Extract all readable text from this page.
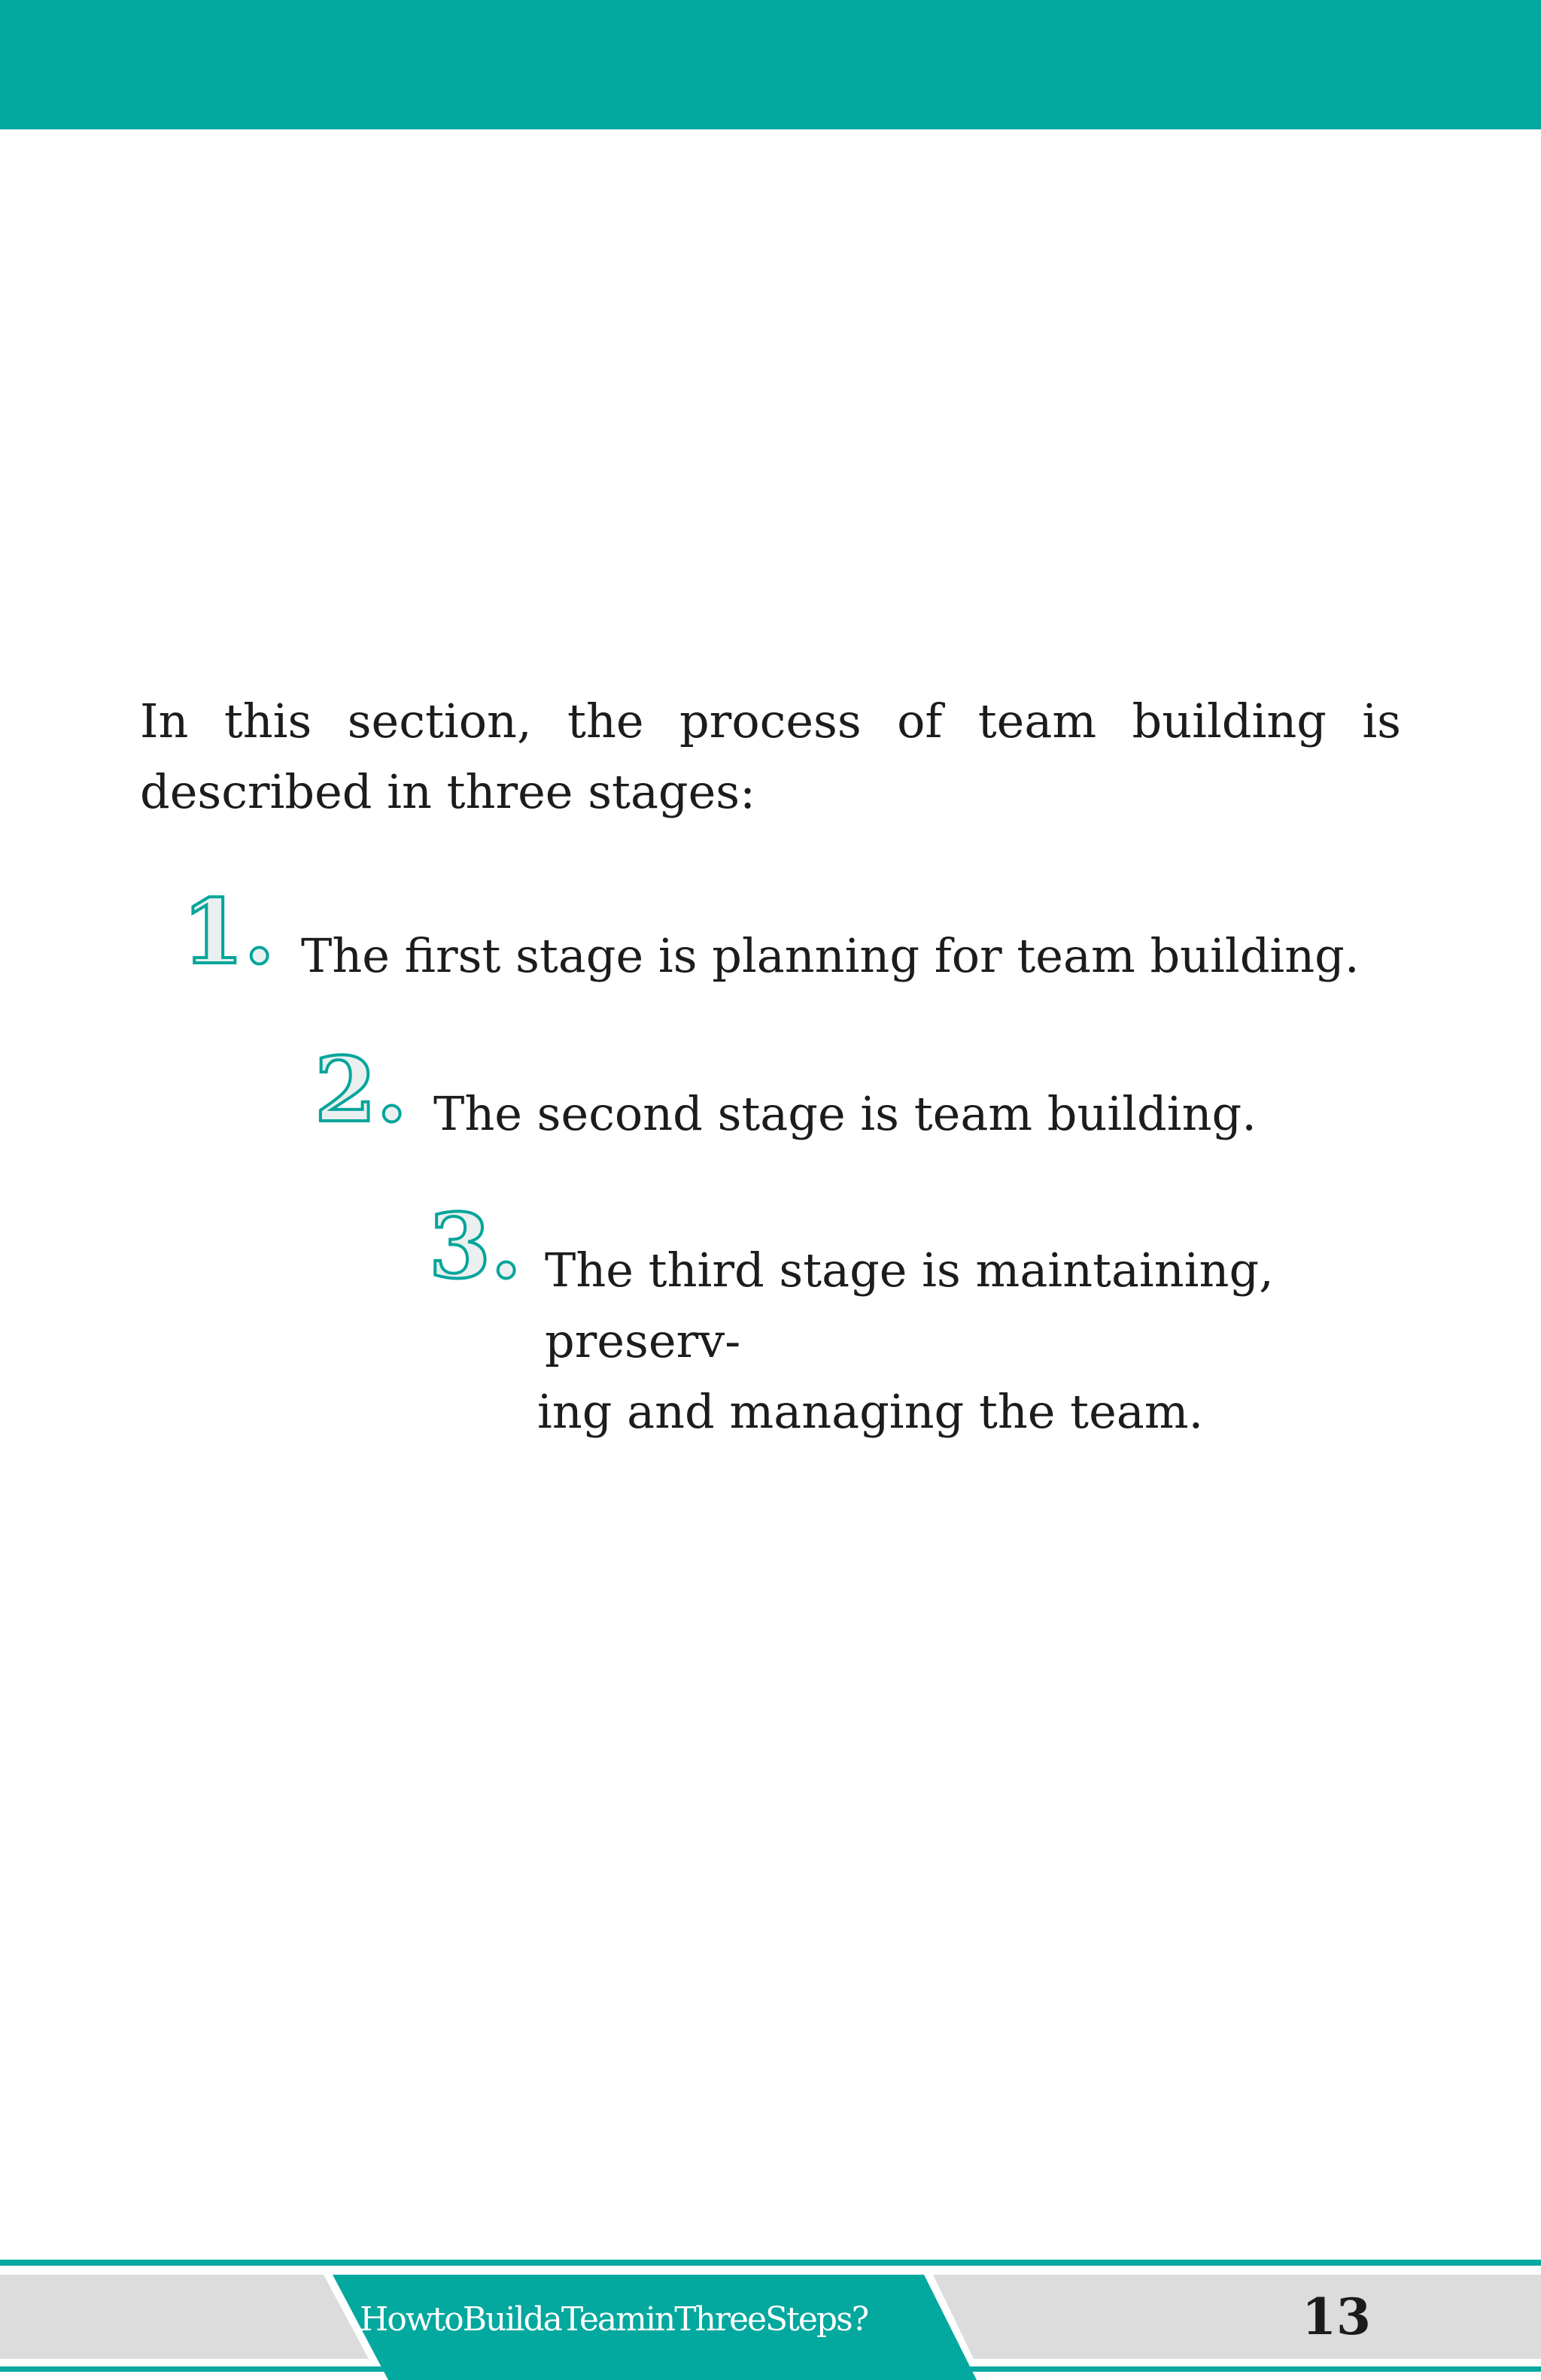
In this section, the process of team building is described in three stages:

1. The first stage is planning for team building.

2. The second stage is team building.

3. The third stage is maintaining, preserv-
ing and managing the team.

HowtoBuildaTeaminThreeSteps?	13
